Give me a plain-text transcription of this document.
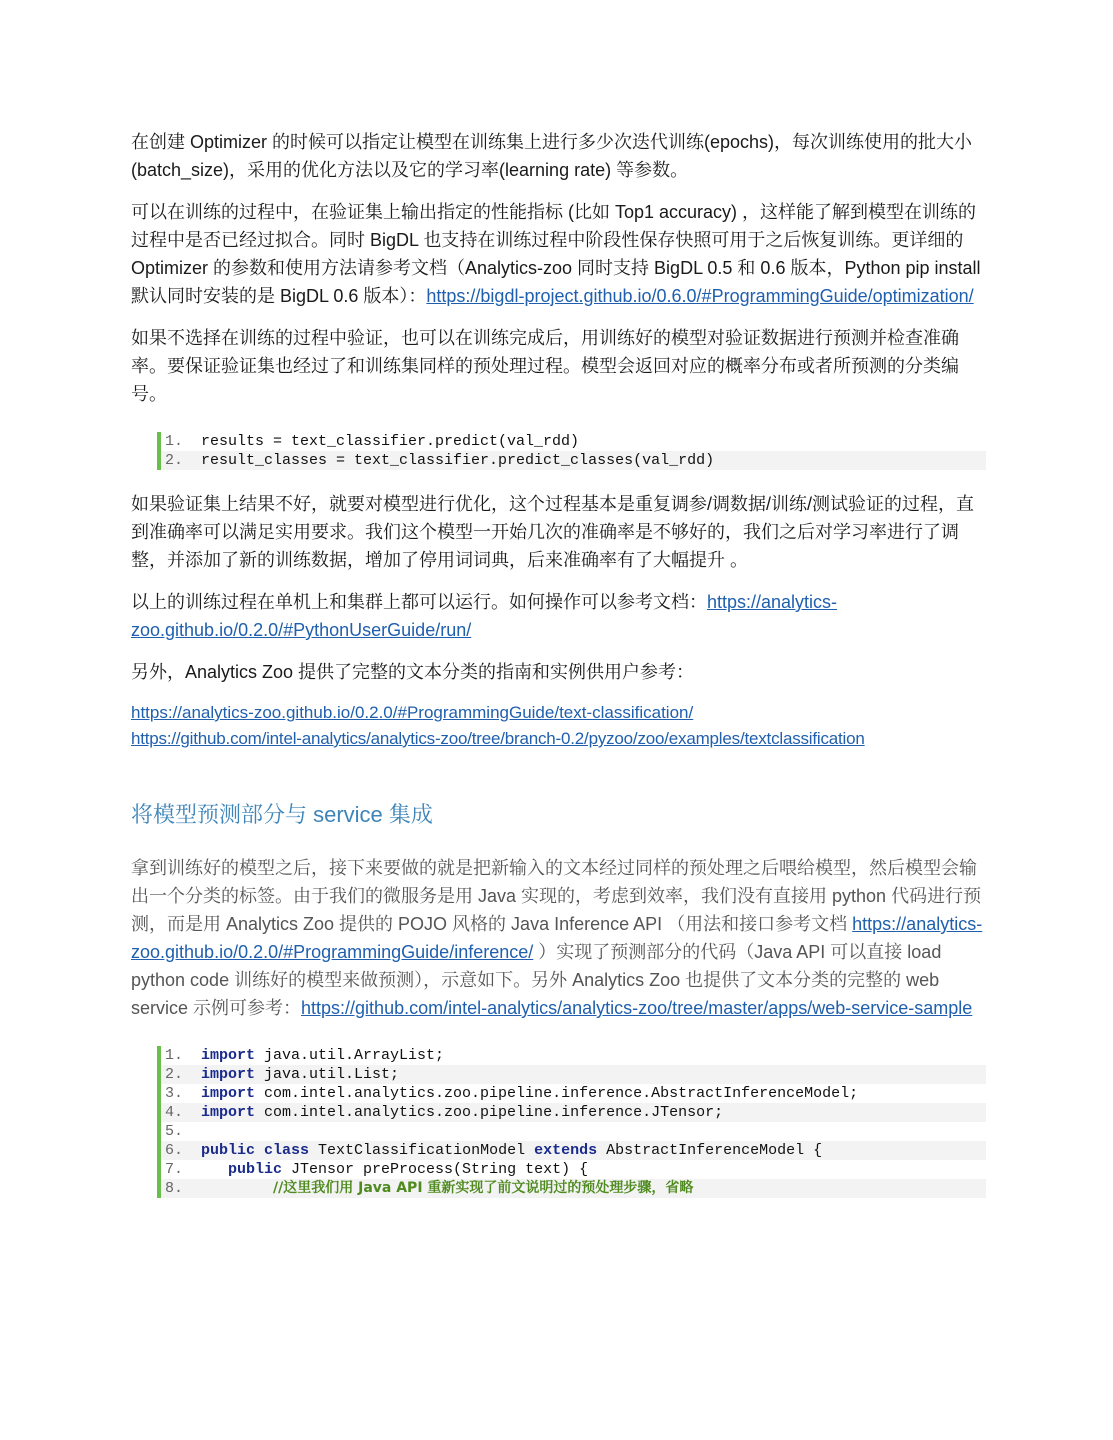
在创建 Optimizer 的时候可以指定让模型在训练集上进行多少次迭代训练(epochs)，每次训练使用的批大小(batch_size)，采用的优化方法以及它的学习率(learning rate) 等参数。

可以在训练的过程中，在验证集上输出指定的性能指标 (比如 Top1 accuracy) ，这样能了解到模型在训练的过程中是否已经过拟合。同时 BigDL 也支持在训练过程中阶段性保存快照可用于之后恢复训练。更详细的 Optimizer 的参数和使用方法请参考文档（Analytics-zoo 同时支持 BigDL 0.5 和 0.6 版本，Python pip install 默认同时安装的是 BigDL 0.6 版本）：https://bigdl-project.github.io/0.6.0/#ProgrammingGuide/optimization/

如果不选择在训练的过程中验证，也可以在训练完成后，用训练好的模型对验证数据进行预测并检查准确率。要保证验证集也经过了和训练集同样的预处理过程。模型会返回对应的概率分布或者所预测的分类编号。

1.	results = text_classifier.predict(val_rdd)
2.	result_classes = text_classifier.predict_classes(val_rdd)

如果验证集上结果不好，就要对模型进行优化，这个过程基本是重复调参/调数据/训练/测试验证的过程，直到准确率可以满足实用要求。我们这个模型一开始几次的准确率是不够好的，我们之后对学习率进行了调整，并添加了新的训练数据，增加了停用词词典，后来准确率有了大幅提升 。

以上的训练过程在单机上和集群上都可以运行。如何操作可以参考文档：https://analytics-zoo.github.io/0.2.0/#PythonUserGuide/run/

另外，Analytics Zoo 提供了完整的文本分类的指南和实例供用户参考：

https://analytics-zoo.github.io/0.2.0/#ProgrammingGuide/text-classification/
https://github.com/intel-analytics/analytics-zoo/tree/branch-0.2/pyzoo/zoo/examples/textclassification

将模型预测部分与 service 集成

拿到训练好的模型之后，接下来要做的就是把新输入的文本经过同样的预处理之后喂给模型，然后模型会输出一个分类的标签。由于我们的微服务是用 Java 实现的，考虑到效率，我们没有直接用 python 代码进行预测，而是用 Analytics Zoo 提供的 POJO 风格的 Java Inference API （用法和接口参考文档 https://analytics-zoo.github.io/0.2.0/#ProgrammingGuide/inference/ ）实现了预测部分的代码（Java API 可以直接 load python code 训练好的模型来做预测），示意如下。另外 Analytics Zoo 也提供了文本分类的完整的 web service 示例可参考：https://github.com/intel-analytics/analytics-zoo/tree/master/apps/web-service-sample

1.	import java.util.ArrayList;
2.	import java.util.List;
3.	import com.intel.analytics.zoo.pipeline.inference.AbstractInferenceModel;
4.	import com.intel.analytics.zoo.pipeline.inference.JTensor;
5.
6.	public class TextClassificationModel extends AbstractInferenceModel {
7.	public JTensor preProcess(String text) {
8.	//这里我们用 Java API 重新实现了前文说明过的预处理步骤，省略
